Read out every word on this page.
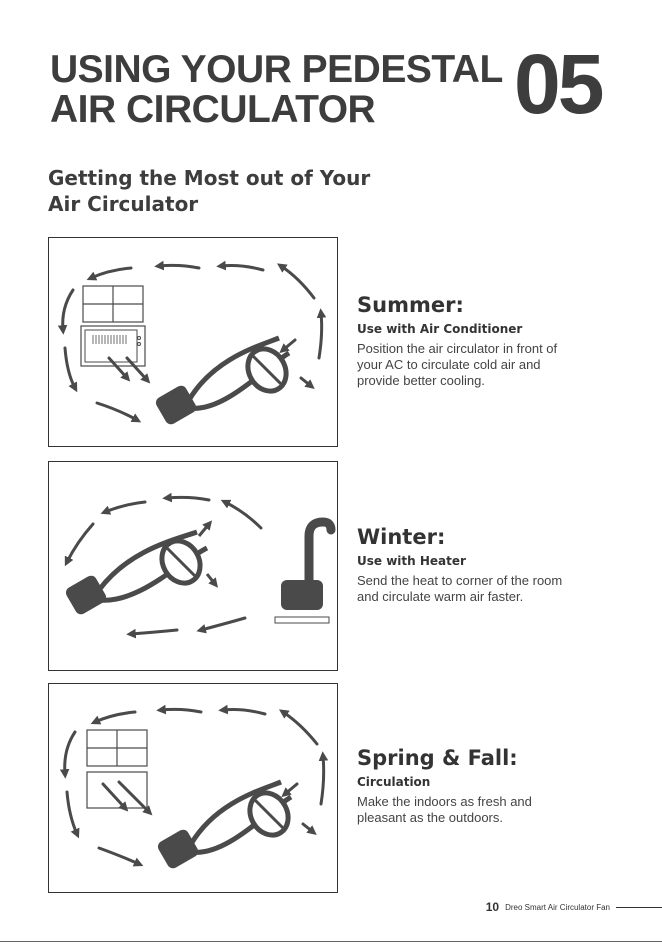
USING YOUR PEDESTAL
AIR CIRCULATOR	05
Getting the Most out of Your
Air Circulator
Summer:

Use with Air Conditioner

Position the air circulator in front of your AC to circulate cold air and provide better cooling.

Winter:

Use with Heater

Send the heat to corner of the room and circulate warm air faster.

Spring & Fall:

Circulation

Make the indoors as fresh and pleasant as the outdoors.

10 Dreo Smart Air Circulator Fan
